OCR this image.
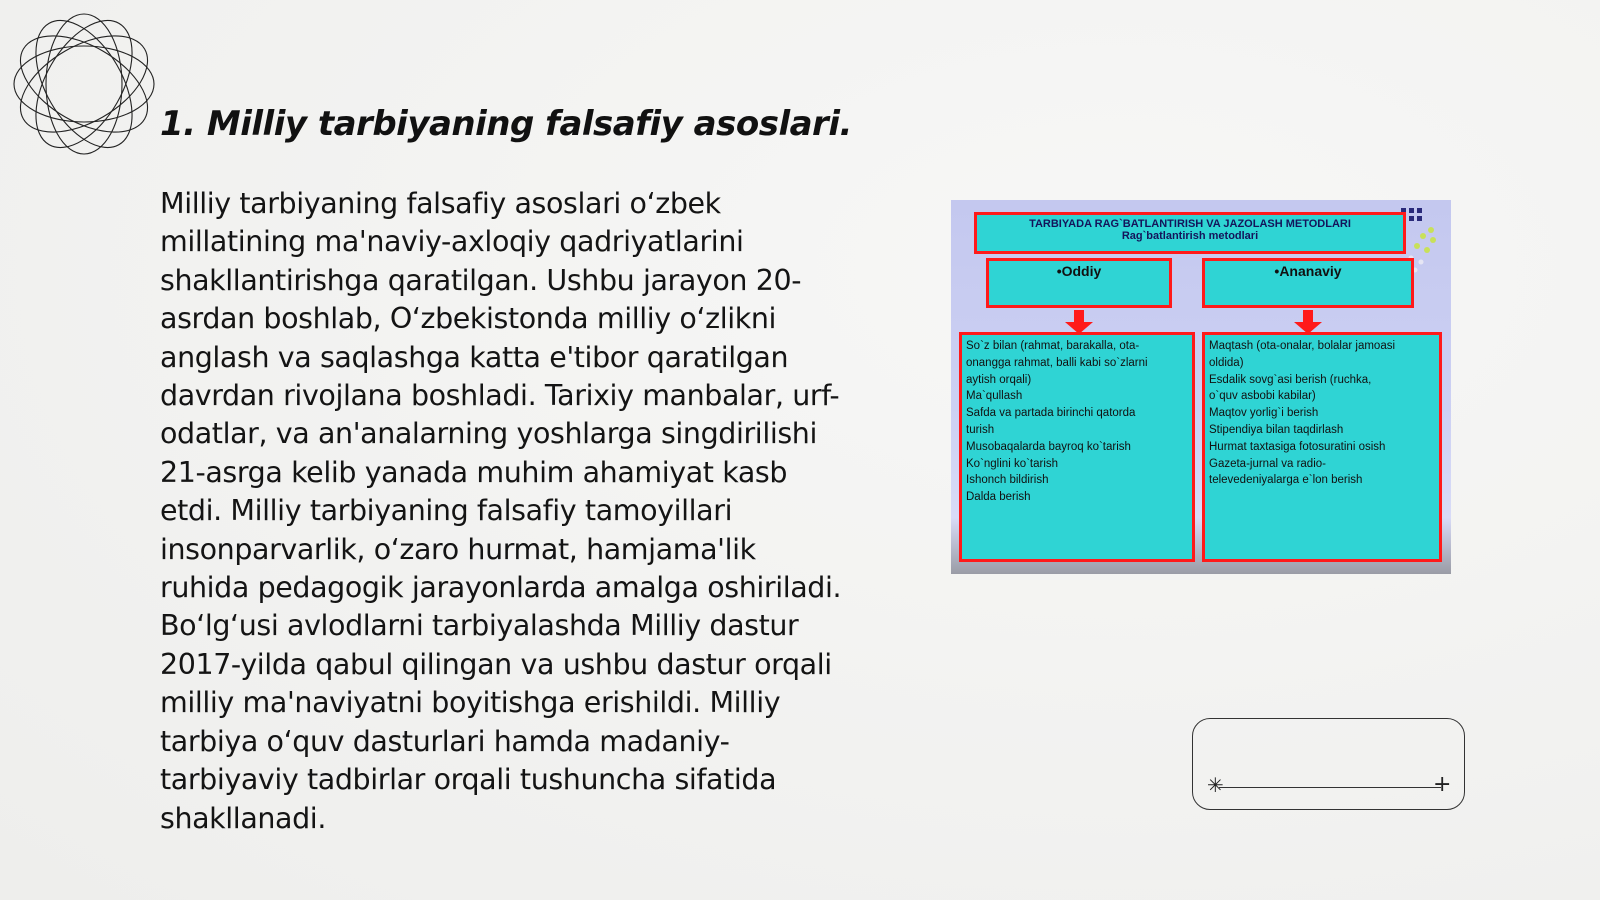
1. Milliy tarbiyaning falsafiy asoslari.
Milliy tarbiyaning falsafiy asoslari o‘zbek millatining ma'naviy-axloqiy qadriyatlarini shakllantirishga qaratilgan. Ushbu jarayon 20-asrdan boshlab, O‘zbekistonda milliy o‘zlikni anglash va saqlashga katta e'tibor qaratilgan davrdan rivojlana boshladi. Tarixiy manbalar, urf-odatlar, va an'analarning yoshlarga singdirilishi 21-asrga kelib yanada muhim ahamiyat kasb etdi. Milliy tarbiyaning falsafiy tamoyillari insonparvarlik, o‘zaro hurmat, hamjama'lik ruhida pedagogik jarayonlarda amalga oshiriladi. Bo‘lg‘usi avlodlarni tarbiyalashda Milliy dastur 2017-yilda qabul qilingan va ushbu dastur orqali milliy ma'naviyatni boyitishga erishildi. Milliy tarbiya o‘quv dasturlari hamda madaniy-tarbiyaviy tadbirlar orqali tushuncha sifatida shakllanadi.
TARBIYADA RAG`BATLANTIRISH VA JAZOLASH METODLARI
Rag`batlantirish metodlari
•Oddiy	•Ananaviy
So`z bilan (rahmat, barakalla, ota-
onangga rahmat, balli kabi so`zlarni
aytish orqali)
Ma`qullash
Safda va partada birinchi qatorda
turish
Musobaqalarda bayroq ko`tarish
Ko`nglini ko`tarish
Ishonch bildirish
Dalda berish
Maqtash (ota-onalar, bolalar jamoasi
oldida)
Esdalik sovg`asi berish (ruchka,
o`quv asbobi kabilar)
Maqtov yorlig`i berish
Stipendiya bilan taqdirlash
Hurmat taxtasiga fotosuratini osish
Gazeta-jurnal va radio-
televedeniyalarga e`lon berish
✳	+
